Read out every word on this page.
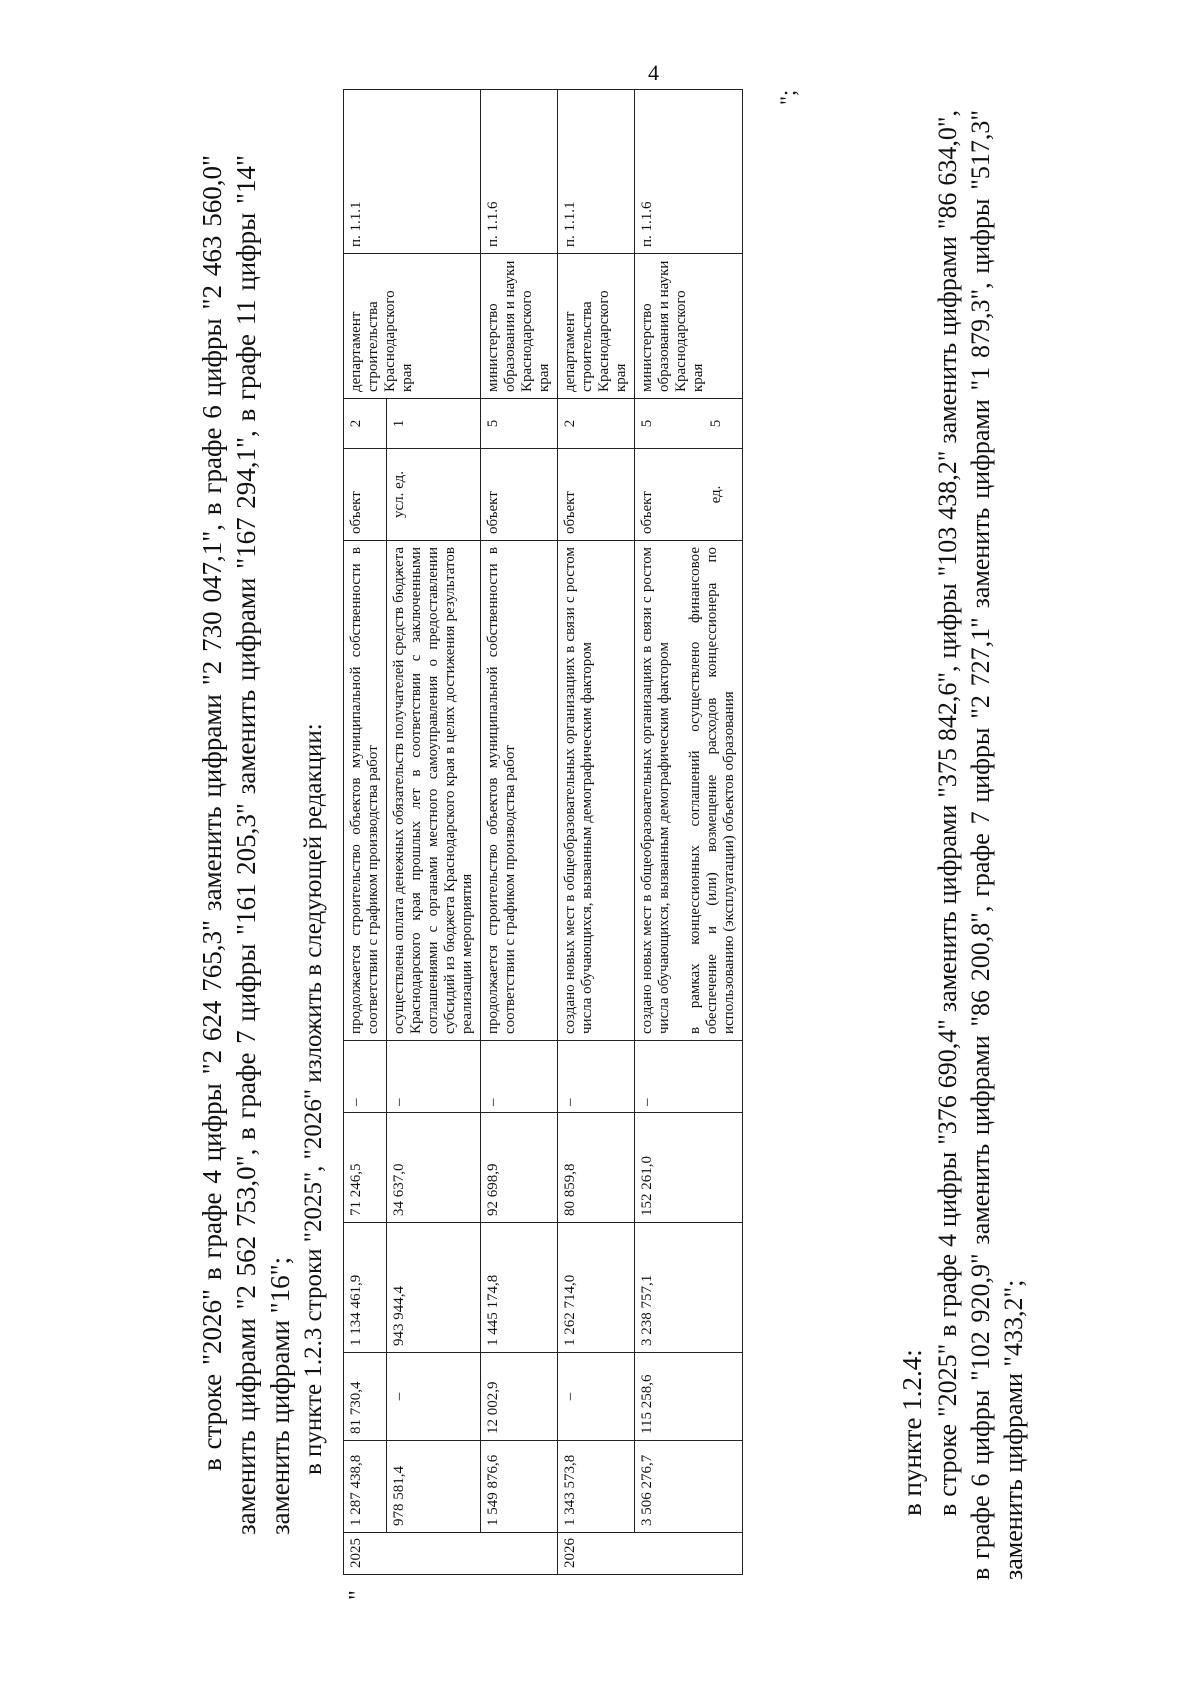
4

в строке "2026" в графе 4 цифры "2 624 765,3" заменить цифрами "2 730 047,1", в графе 6 цифры "2 463 560,0" заменить цифрами "2 562 753,0", в графе 7 цифры "161 205,3" заменить цифрами "167 294,1", в графе 11 цифры "14" заменить цифрами "16"; в пункте 1.2.3 строки "2025", "2026" изложить в следующей редакции:

"
2025	1 287 438,8	81 730,4	1 134 461,9	71 246,5	–	продолжается строительство объектов муниципальной собственности в соответствии с графиком производства работ	объект	2	департамент строительства Краснодарского края	п. 1.1.1
	978 581,4	–	943 944,4	34 637,0	–	осуществлена оплата денежных обязательств получателей средств бюджета Краснодарского края прошлых лет в соответствии с заключенными соглашениями с органами местного самоуправления о предоставлении субсидий из бюджета Краснодарского края в целях достижения результатов реализации мероприятия	усл. ед.	1		
	1 549 876,6	12 002,9	1 445 174,8	92 698,9	–	продолжается строительство объектов муниципальной собственности в соответствии с графиком производства работ	объект	5	министерство образования и науки Краснодарского края	п. 1.1.6
2026	1 343 573,8	–	1 262 714,0	80 859,8	–	создано новых мест в общеобразовательных организациях в связи с ростом числа обучающихся, вызванным демографическим фактором	объект	2	департамент строительства Краснодарского края	п. 1.1.1
	3 506 276,7	115 258,6	3 238 757,1	152 261,0	–	создано новых мест в общеобразовательных организациях в связи с ростом числа обучающихся, вызванным демографическим фактором в рамках концессионных соглашений осуществлено финансовое обеспечение и (или) возмещение расходов концессионера по использованию (эксплуатации) объектов образования	объект ед.	5 5	министерство образования и науки Краснодарского края	п. 1.1.6
";

в пункте 1.2.4: в строке "2025" в графе 4 цифры "376 690,4" заменить цифрами "375 842,6", цифры "103 438,2" заменить цифрами "86 634,0", в графе 6 цифры "102 920,9" заменить цифрами "86 200,8", графе 7 цифры "2 727,1" заменить цифрами "1 879,3", цифры "517,3" заменить цифрами "433,2";
